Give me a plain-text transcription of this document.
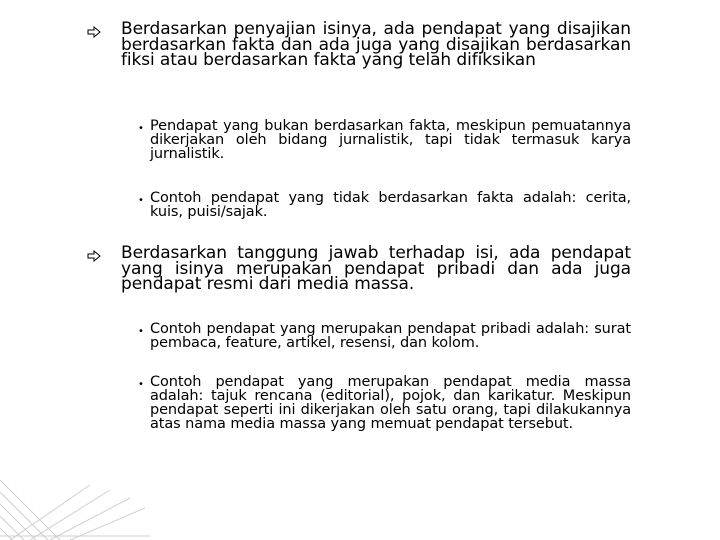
Berdasarkan penyajian isinya, ada pendapat yang disajikan berdasarkan fakta dan ada juga yang disajikan berdasarkan fiksi atau berdasarkan fakta yang telah difiksikan

• Pendapat yang bukan berdasarkan fakta, meskipun pemuatannya dikerjakan oleh bidang jurnalistik, tapi tidak termasuk karya jurnalistik.

• Contoh pendapat yang tidak berdasarkan fakta adalah: cerita, kuis, puisi/sajak.

Berdasarkan tanggung jawab terhadap isi, ada pendapat yang isinya merupakan pendapat pribadi dan ada juga pendapat resmi dari media massa.

• Contoh pendapat yang merupakan pendapat pribadi adalah: surat pembaca, feature, artikel, resensi, dan kolom.

• Contoh pendapat yang merupakan pendapat media massa adalah: tajuk rencana (editorial), pojok, dan karikatur. Meskipun pendapat seperti ini dikerjakan oleh satu orang, tapi dilakukannya atas nama media massa yang memuat pendapat tersebut.
